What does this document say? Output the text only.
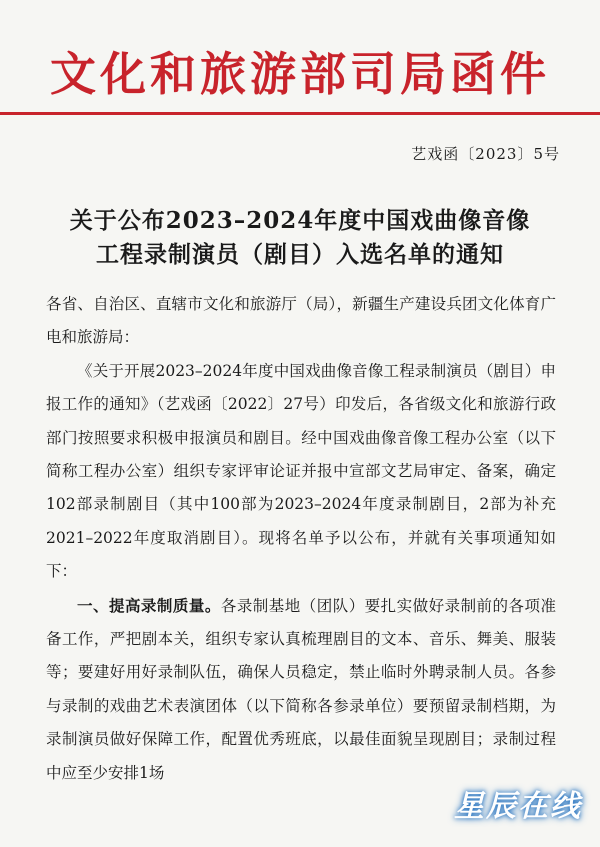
文化和旅游部司局函件
艺戏函〔2023〕5号
关于公布2023–2024年度中国戏曲像音像
工程录制演员（剧目）入选名单的通知

各省、自治区、直辖市文化和旅游厅（局），新疆生产建设兵团文化体育广电和旅游局：

《关于开展2023–2024年度中国戏曲像音像工程录制演员（剧目）申报工作的通知》（艺戏函〔2022〕27号）印发后，各省级文化和旅游行政部门按照要求积极申报演员和剧目。经中国戏曲像音像工程办公室（以下简称工程办公室）组织专家评审论证并报中宣部文艺局审定、备案，确定102部录制剧目（其中100部为2023–2024年度录制剧目，2部为补充2021–2022年度取消剧目）。现将名单予以公布，并就有关事项通知如下：

一、提高录制质量。各录制基地（团队）要扎实做好录制前的各项准备工作，严把剧本关，组织专家认真梳理剧目的文本、音乐、舞美、服装等；要建好用好录制队伍，确保人员稳定，禁止临时外聘录制人员。各参与录制的戏曲艺术表演团体（以下简称各参录单位）要预留录制档期，为录制演员做好保障工作，配置优秀班底，以最佳面貌呈现剧目；录制过程中应至少安排1场

星辰在线
